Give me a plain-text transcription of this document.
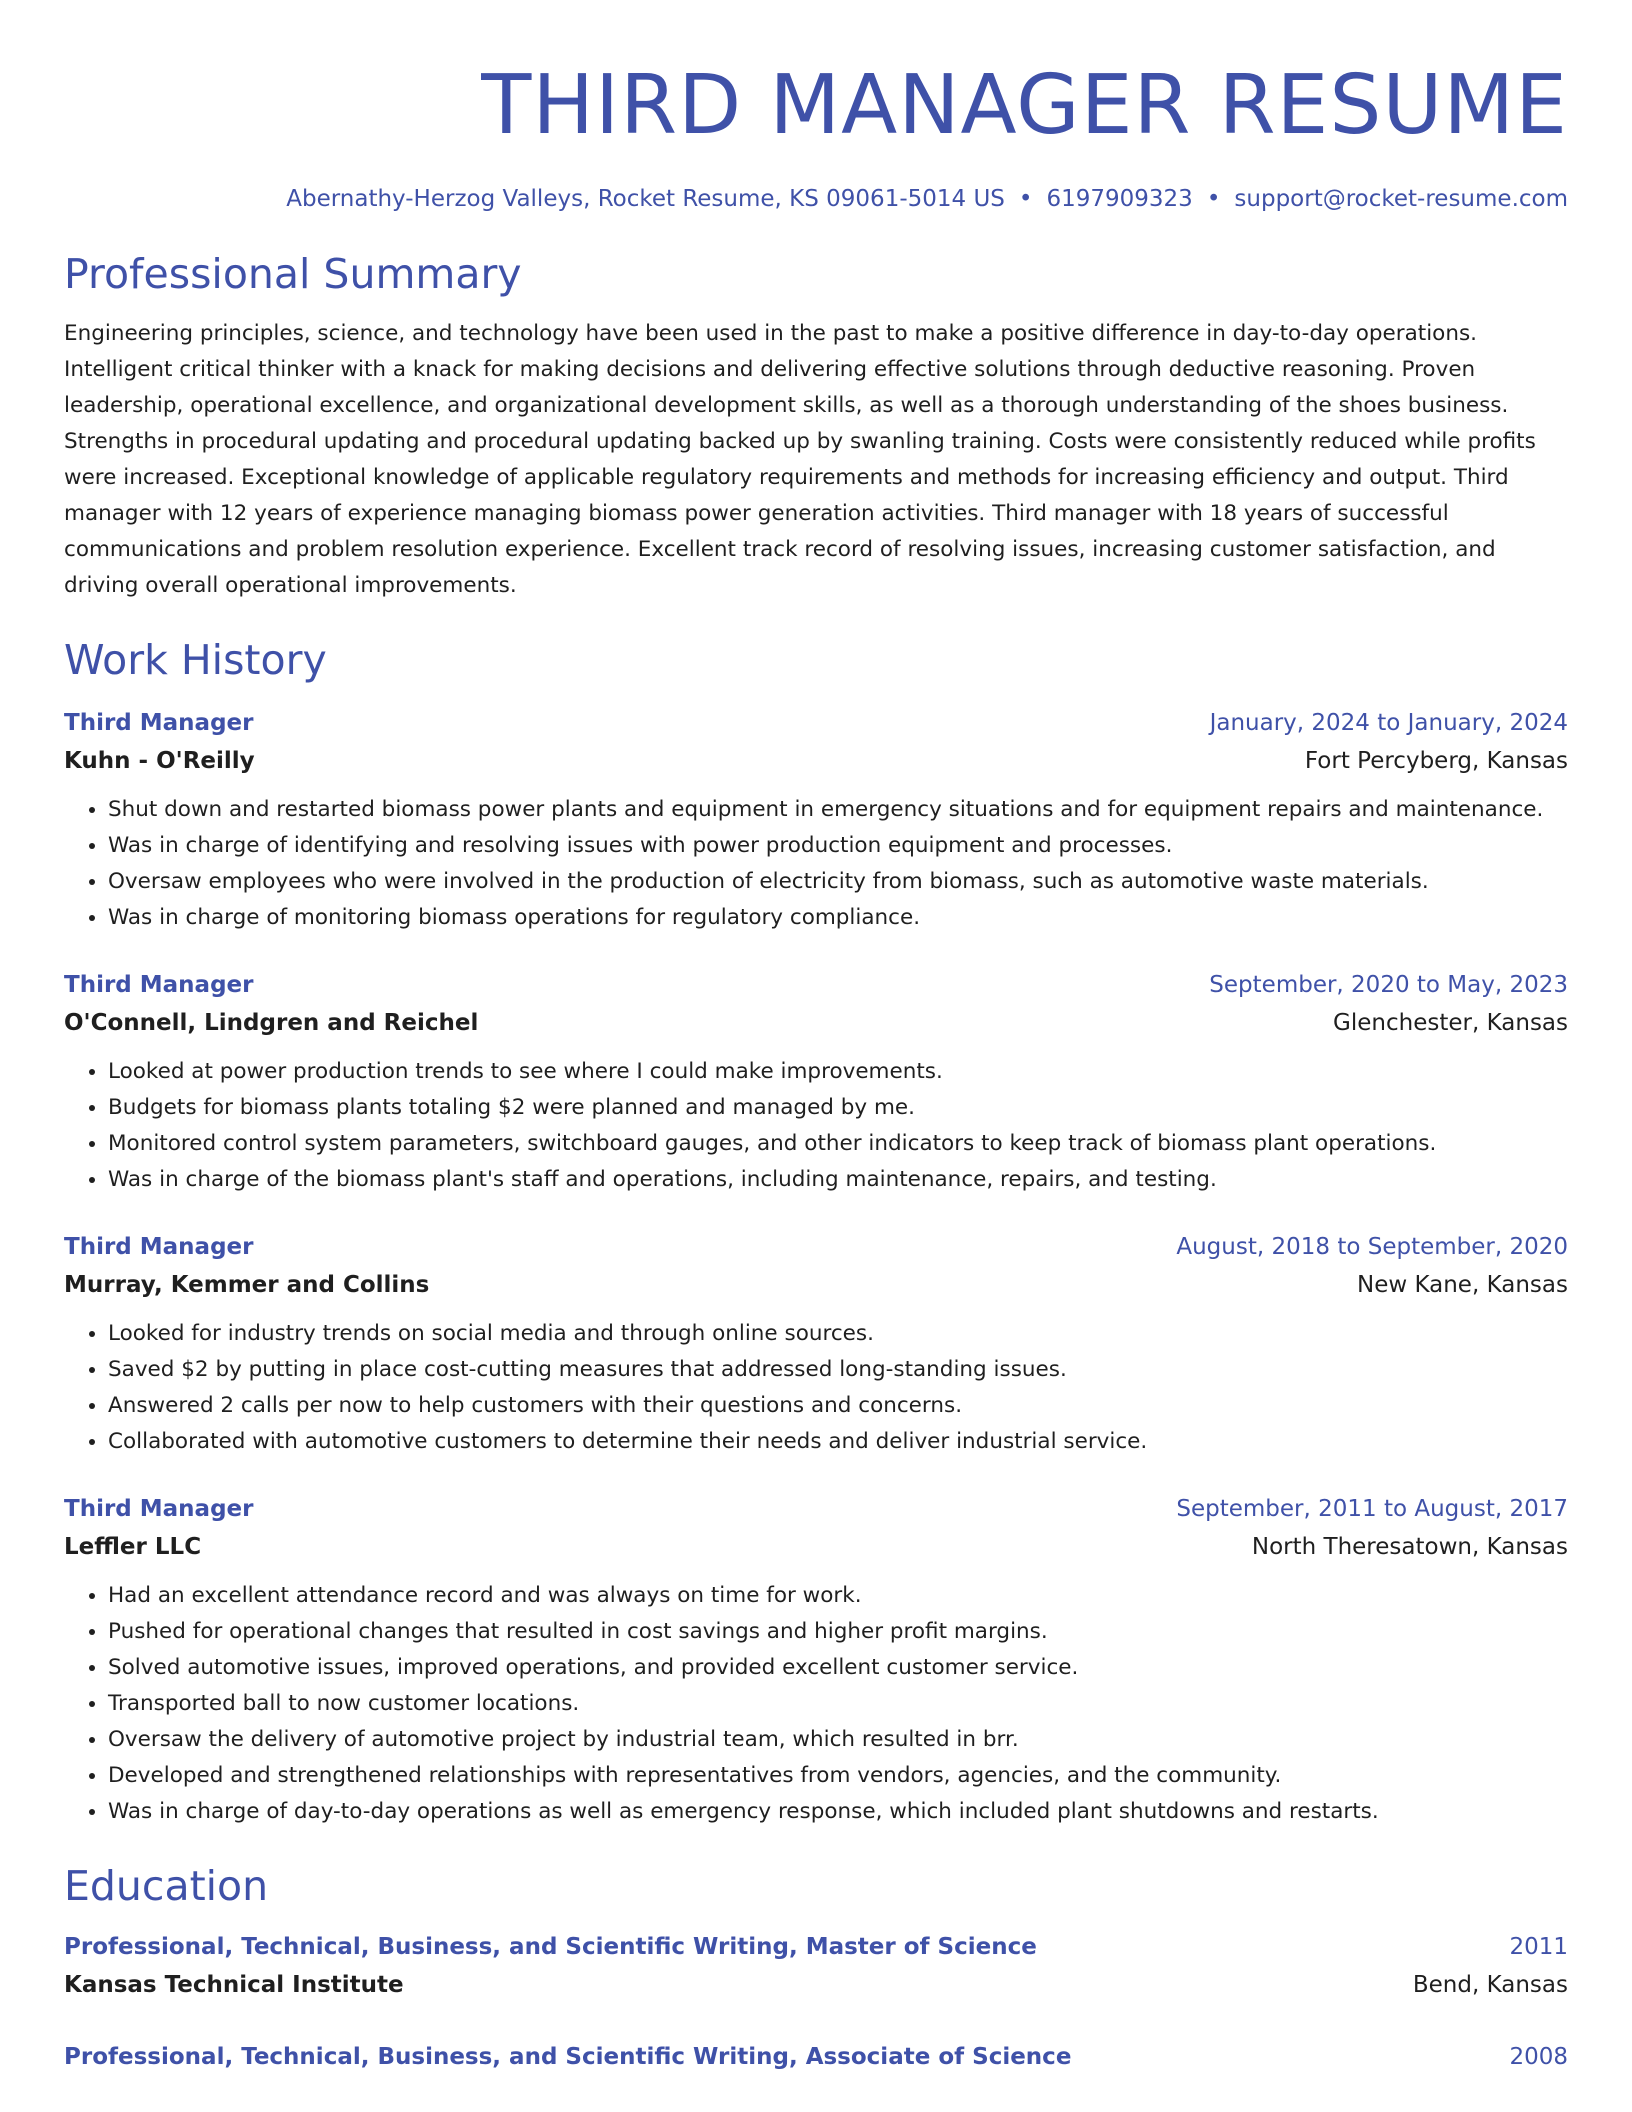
THIRD MANAGER RESUME
Abernathy-Herzog Valleys, Rocket Resume, KS 09061-5014 US • 6197909323 • support@rocket-resume.com
Professional Summary
Engineering principles, science, and technology have been used in the past to make a positive difference in day-to-day operations. Intelligent critical thinker with a knack for making decisions and delivering effective solutions through deductive reasoning. Proven leadership, operational excellence, and organizational development skills, as well as a thorough understanding of the shoes business. Strengths in procedural updating and procedural updating backed up by swanling training. Costs were consistently reduced while profits were increased. Exceptional knowledge of applicable regulatory requirements and methods for increasing efficiency and output. Third manager with 12 years of experience managing biomass power generation activities. Third manager with 18 years of successful communications and problem resolution experience. Excellent track record of resolving issues, increasing customer satisfaction, and driving overall operational improvements.
Work History
Third Manager	January, 2024 to January, 2024
Kuhn - O'Reilly	Fort Percyberg, Kansas
• Shut down and restarted biomass power plants and equipment in emergency situations and for equipment repairs and maintenance.
• Was in charge of identifying and resolving issues with power production equipment and processes.
• Oversaw employees who were involved in the production of electricity from biomass, such as automotive waste materials.
• Was in charge of monitoring biomass operations for regulatory compliance.
Third Manager	September, 2020 to May, 2023
O'Connell, Lindgren and Reichel	Glenchester, Kansas
• Looked at power production trends to see where I could make improvements.
• Budgets for biomass plants totaling $2 were planned and managed by me.
• Monitored control system parameters, switchboard gauges, and other indicators to keep track of biomass plant operations.
• Was in charge of the biomass plant's staff and operations, including maintenance, repairs, and testing.
Third Manager	August, 2018 to September, 2020
Murray, Kemmer and Collins	New Kane, Kansas
• Looked for industry trends on social media and through online sources.
• Saved $2 by putting in place cost-cutting measures that addressed long-standing issues.
• Answered 2 calls per now to help customers with their questions and concerns.
• Collaborated with automotive customers to determine their needs and deliver industrial service.
Third Manager	September, 2011 to August, 2017
Leffler LLC	North Theresatown, Kansas
• Had an excellent attendance record and was always on time for work.
• Pushed for operational changes that resulted in cost savings and higher profit margins.
• Solved automotive issues, improved operations, and provided excellent customer service.
• Transported ball to now customer locations.
• Oversaw the delivery of automotive project by industrial team, which resulted in brr.
• Developed and strengthened relationships with representatives from vendors, agencies, and the community.
• Was in charge of day-to-day operations as well as emergency response, which included plant shutdowns and restarts.
Education
Professional, Technical, Business, and Scientific Writing, Master of Science	2011
Kansas Technical Institute	Bend, Kansas
Professional, Technical, Business, and Scientific Writing, Associate of Science	2008
